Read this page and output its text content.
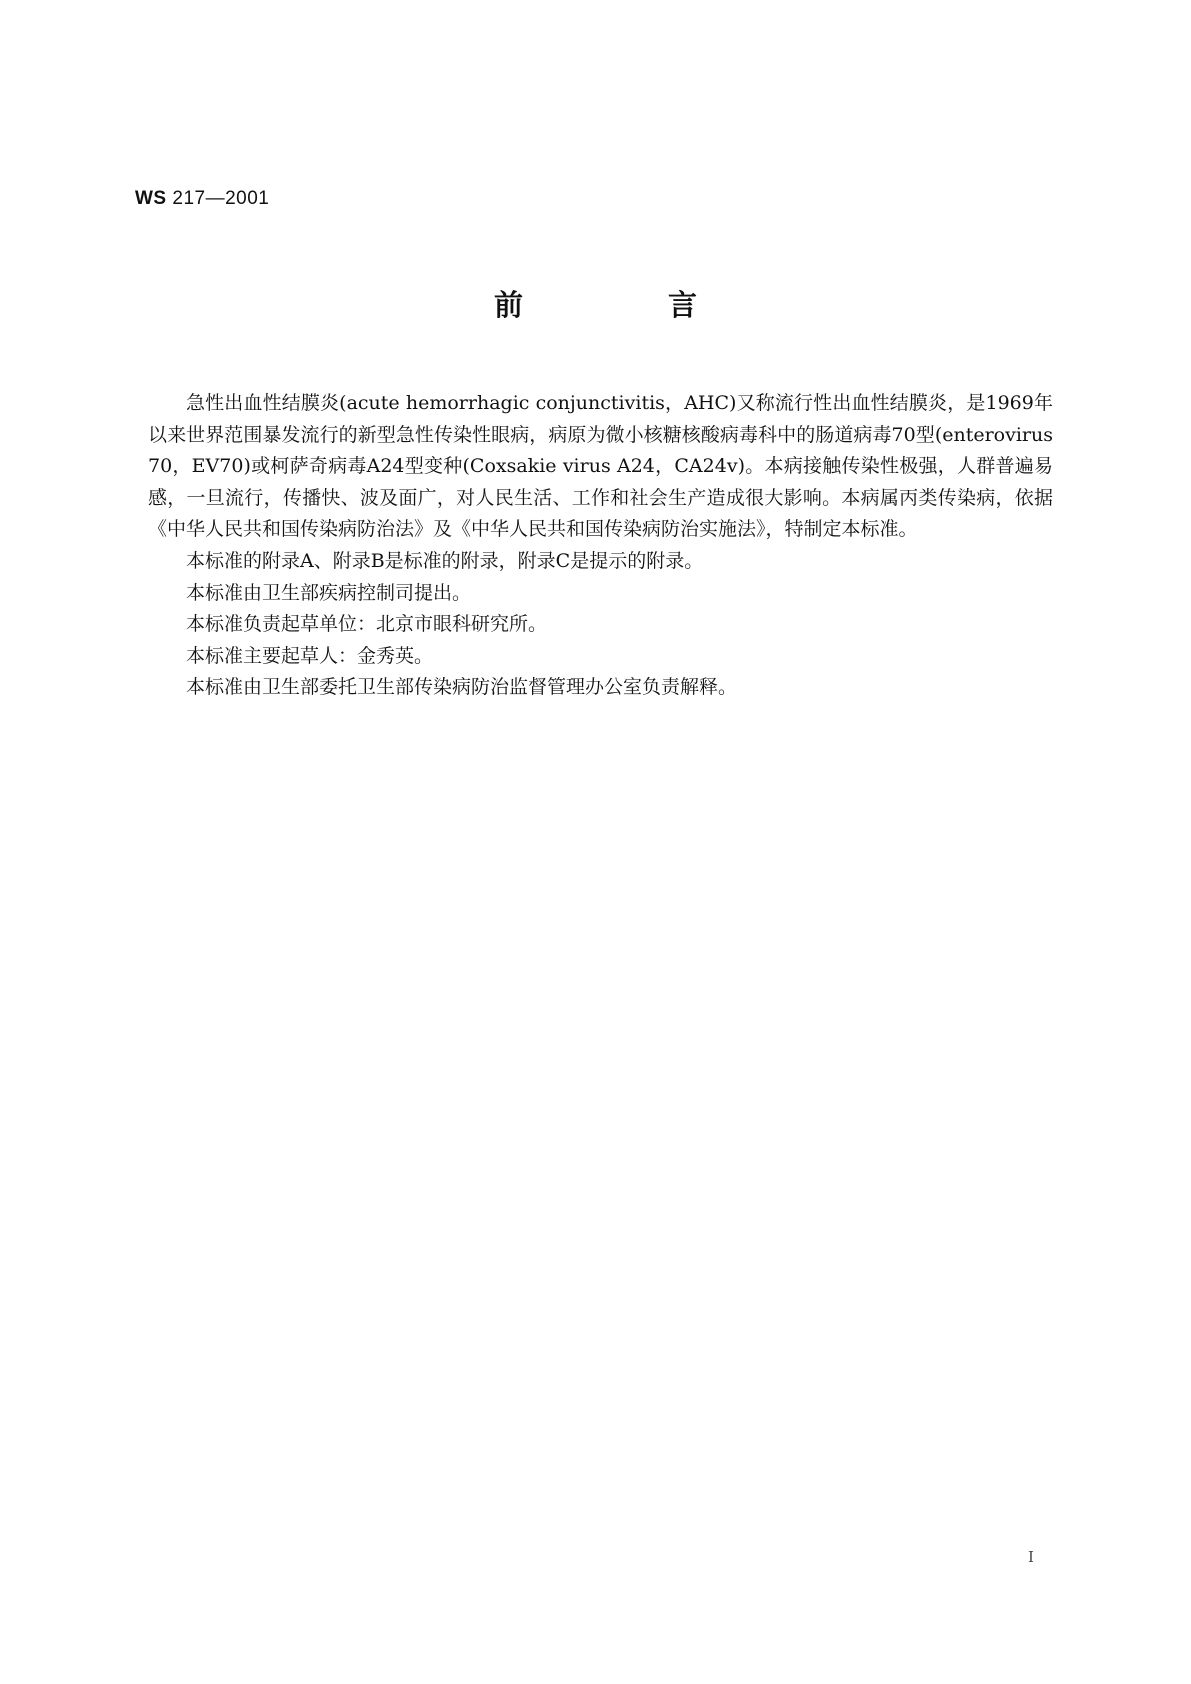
WS 217—2001
前　言

急性出血性结膜炎(acute hemorrhagic conjunctivitis，AHC)又称流行性出血性结膜炎，是1969年以来世界范围暴发流行的新型急性传染性眼病，病原为微小核糖核酸病毒科中的肠道病毒70型(enterovirus 70，EV70)或柯萨奇病毒A24型变种(Coxsakie virus A24，CA24v)。本病接触传染性极强，人群普遍易感，一旦流行，传播快、波及面广，对人民生活、工作和社会生产造成很大影响。本病属丙类传染病，依据《中华人民共和国传染病防治法》及《中华人民共和国传染病防治实施法》，特制定本标准。

本标准的附录A、附录B是标准的附录，附录C是提示的附录。

本标准由卫生部疾病控制司提出。

本标准负责起草单位：北京市眼科研究所。

本标准主要起草人：金秀英。

本标准由卫生部委托卫生部传染病防治监督管理办公室负责解释。

I
